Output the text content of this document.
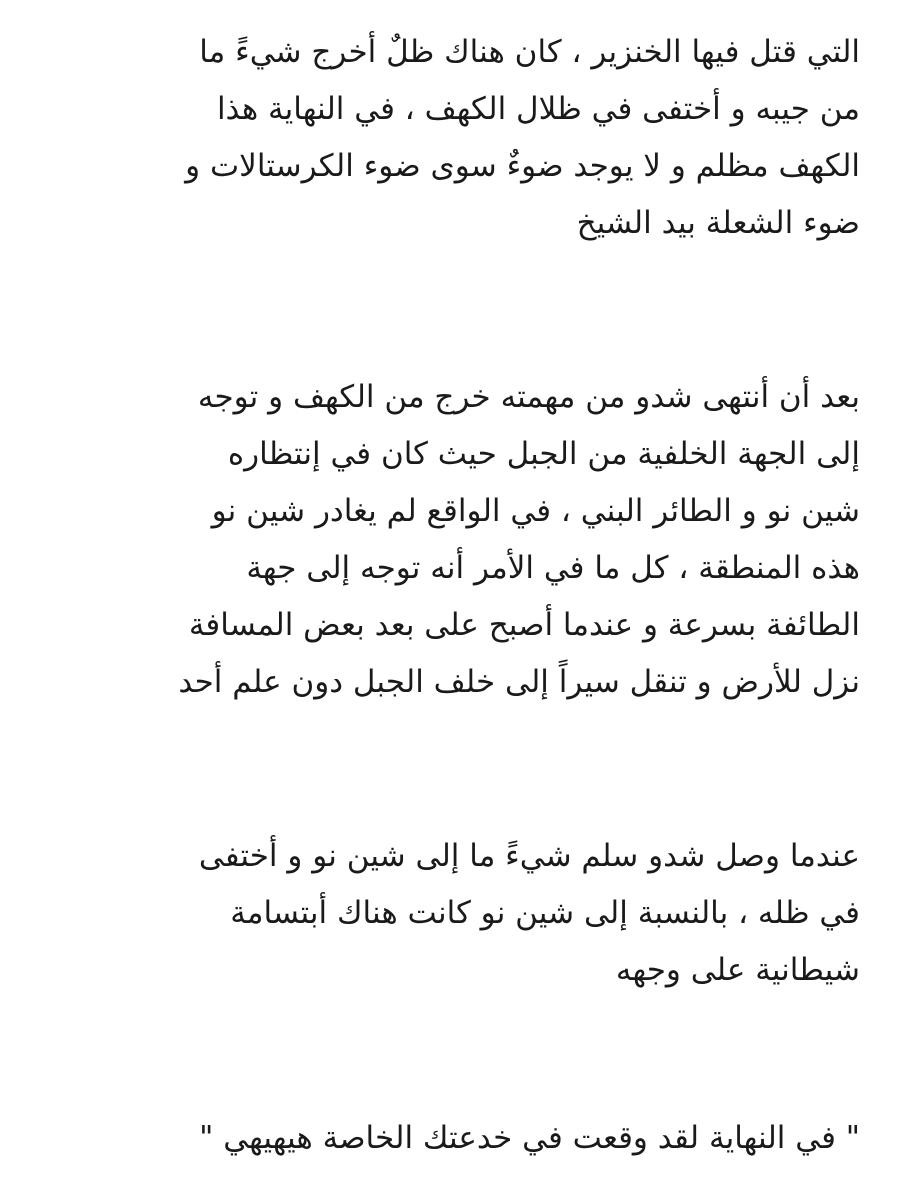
التي قتل فيها الخنزير ، كان هناك ظلٌ أخرج شيءً ما
من جيبه و أختفى في ظلال الكهف ، في النهاية هذا
الكهف مظلم و لا يوجد ضوءٌ سوى ضوء الكرستالات و
ضوء الشعلة بيد الشيخ

بعد أن أنتهى شدو من مهمته خرج من الكهف و توجه
إلى الجهة الخلفية من الجبل حيث كان في إنتظاره
شين نو و الطائر البني ، في الواقع لم يغادر شين نو
هذه المنطقة ، كل ما في الأمر أنه توجه إلى جهة
الطائفة بسرعة و عندما أصبح على بعد بعض المسافة
نزل للأرض و تنقل سيراً إلى خلف الجبل دون علم أحد

عندما وصل شدو سلم شيءً ما إلى شين نو و أختفى
في ظله ، بالنسبة إلى شين نو كانت هناك أبتسامة
شيطانية على وجهه

" في النهاية لقد وقعت في خدعتك الخاصة هيهيهي "
